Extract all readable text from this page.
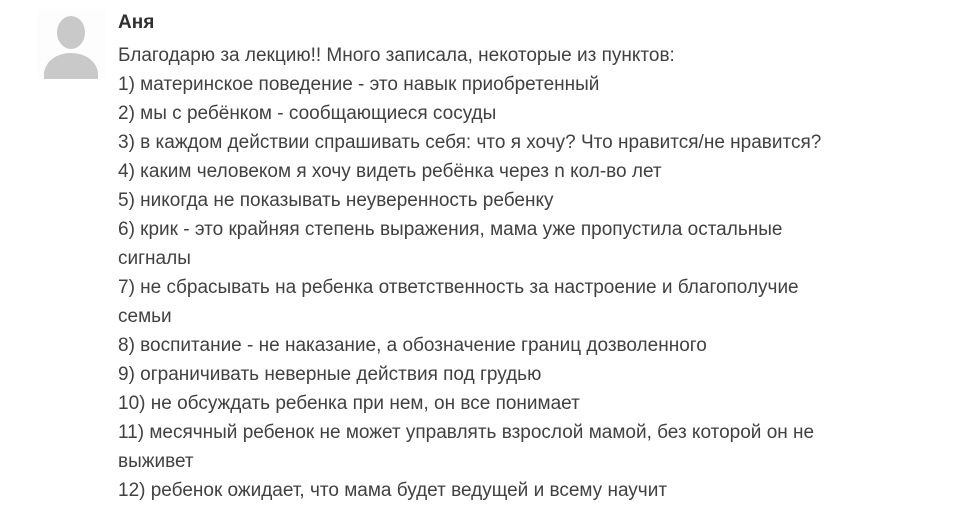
Аня
Благодарю за лекцию!! Много записала, некоторые из пунктов:
1) материнское поведение - это навык приобретенный
2) мы с ребёнком - сообщающиеся сосуды
3) в каждом действии спрашивать себя: что я хочу? Что нравится/не нравится?
4) каким человеком я хочу видеть ребёнка через n кол-во лет
5) никогда не показывать неуверенность ребенку
6) крик - это крайняя степень выражения, мама уже пропустила остальные
сигналы
7) не сбрасывать на ребенка ответственность за настроение и благополучие
семьи
8) воспитание - не наказание, а обозначение границ дозволенного
9) ограничивать неверные действия под грудью
10) не обсуждать ребенка при нем, он все понимает
11) месячный ребенок не может управлять взрослой мамой, без которой он не
выживет
12) ребенок ожидает, что мама будет ведущей и всему научит
